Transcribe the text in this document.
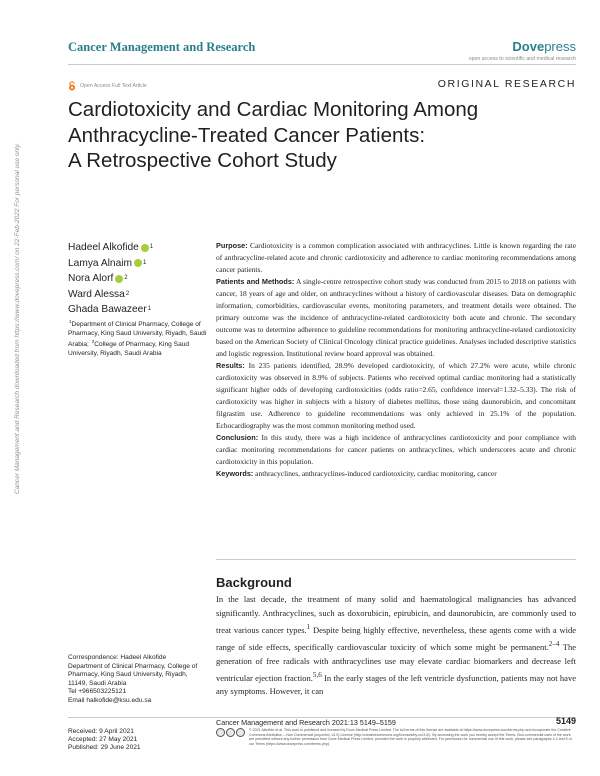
Cancer Management and Research	Dovepress
open access to scientific and medical research
Open Access Full Text Article	ORIGINAL RESEARCH
Cardiotoxicity and Cardiac Monitoring Among
Anthracycline-Treated Cancer Patients:
A Retrospective Cohort Study
Cancer Management and Research downloaded from https://www.dovepress.com/ on 22-Feb-2022 For personal use only.	Hadeel Alkofide 1
Lamya Alnaim 1
Nora Alorf 2
Ward Alessa 2
Ghada Bawazeer 1
$^1$Department of Clinical Pharmacy, College of Pharmacy, King Saud University, Riyadh, Saudi Arabia; $^2$College of Pharmacy, King Saud University, Riyadh, Saudi Arabia

Purpose: Cardiotoxicity is a common complication associated with anthracyclines. Little is known regarding the rate of anthracycline-related acute and chronic cardiotoxicity and adherence to cardiac monitoring recommendations among cancer patients.

Patients and Methods: A single-centre retrospective cohort study was conducted from 2015 to 2018 on patients with cancer, 18 years of age and older, on anthracyclines without a history of cardiovascular diseases. Data on demographic information, comorbidities, cardiovascular events, monitoring parameters, and treatment details were obtained. The primary outcome was the incidence of anthracycline-related cardiotoxicity both acute and chronic. The secondary outcome was to determine adherence to guideline recommendations for monitoring anthracycline-related cardiotoxicity based on the American Society of Clinical Oncology clinical practice guidelines. Analyses included descriptive statistics and logistic regression. Institutional review board approval was obtained.

Results: In 235 patients identified, 28.9% developed cardiotoxicity, of which 27.2% were acute, while chronic cardiotoxicity was observed in 8.9% of subjects. Patients who received optimal cardiac monitoring had a statistically significant higher odds of developing cardiotoxicities (odds ratio=2.65, confidence interval=1.32–5.33). The risk of cardiotoxicity was higher in subjects with a history of diabetes mellitus, those using daunorubicin, and concomitant filgrastim use. Adherence to guideline recommendations was only achieved in 25.1% of the population. Echocardiography was the most common monitoring method used.

Conclusion: In this study, there was a high incidence of anthracyclines cardiotoxicity and poor compliance with cardiac monitoring recommendations for cancer patients on anthracyclines, which underscores acute and chronic cardiotoxicity in this population.

Keywords: anthracyclines, anthracyclines-induced cardiotoxicity, cardiac monitoring, cancer

Background
In the last decade, the treatment of many solid and haematological malignancies has advanced significantly. Anthracyclines, such as doxorubicin, epirubicin, and daunorubicin, are commonly used to treat various cancer types.$^1$ Despite being highly effective, nevertheless, these agents come with a wide range of side effects, specifically cardiovascular toxicity of which some might be permanent.$^{2-4}$ The generation of free radicals with anthracyclines use may elevate cardiac biomarkers and decrease left ventricular ejection fraction.$^{5,6}$ In the early stages of the left ventricle dysfunction, patients may not have any symptoms. However, it can
Correspondence: Hadeel Alkofide
Department of Clinical Pharmacy, College of Pharmacy, King Saud University, Riyadh, 11149, Saudi Arabia
Tel +966503225121
Email halkofide@ksu.edu.sa
Received: 9 April 2021
Accepted: 27 May 2021
Published: 29 June 2021
Cancer Management and Research 2021:13 5149–5159	5149
© 2021 Alkofide et al. This work is published and licensed by Dove Medical Press Limited. The full terms of this license are available at https://www.dovepress.com/terms.php and incorporate the Creative Commons Attribution – Non Commercial (unported, v3.0) License (http://creativecommons.org/licenses/by-nc/3.0/). By accessing the work you hereby accept the Terms. Non-commercial uses of the work are permitted without any further permission from Dove Medical Press Limited, provided the work is properly attributed. For permission for commercial use of this work, please see paragraphs 4.2 and 5 of our Terms (https://www.dovepress.com/terms.php).
